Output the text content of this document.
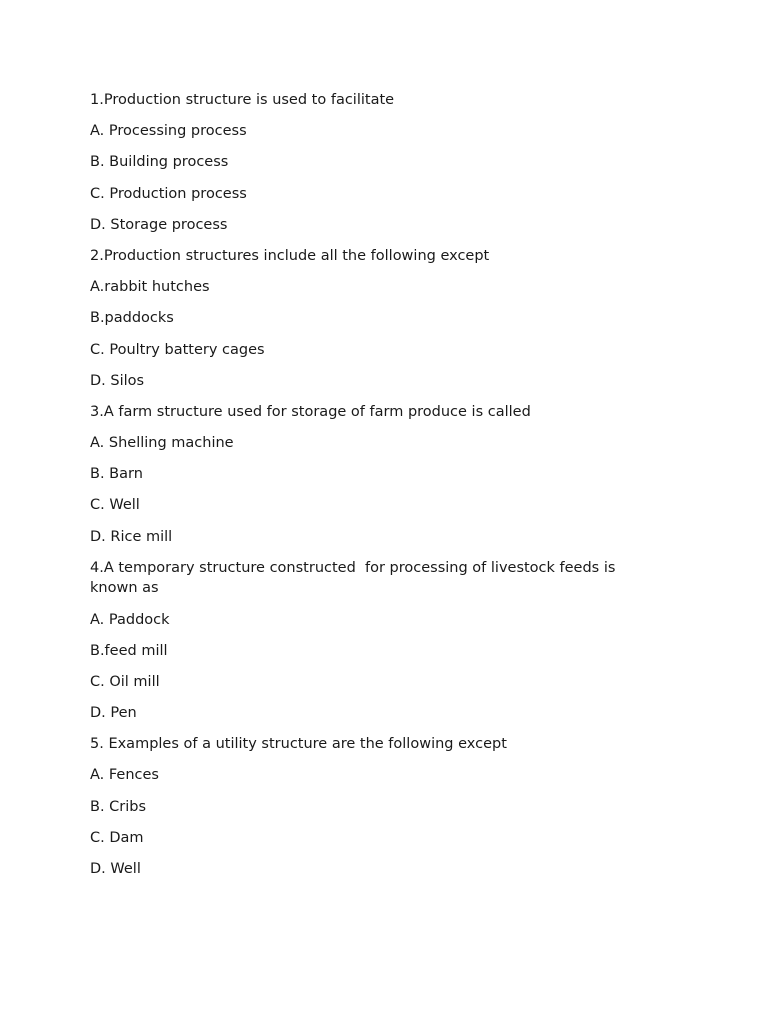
1.Production structure is used to facilitate

A. Processing process

B. Building process

C. Production process

D. Storage process

2.Production structures include all the following except

A.rabbit hutches

B.paddocks

C. Poultry battery cages

D. Silos

3.A farm structure used for storage of farm produce is called

A. Shelling machine

B. Barn

C. Well

D. Rice mill

4.A temporary structure constructed  for processing of livestock feeds is known as

A. Paddock

B.feed mill

C. Oil mill

D. Pen

5. Examples of a utility structure are the following except

A. Fences

B. Cribs

C. Dam

D. Well
